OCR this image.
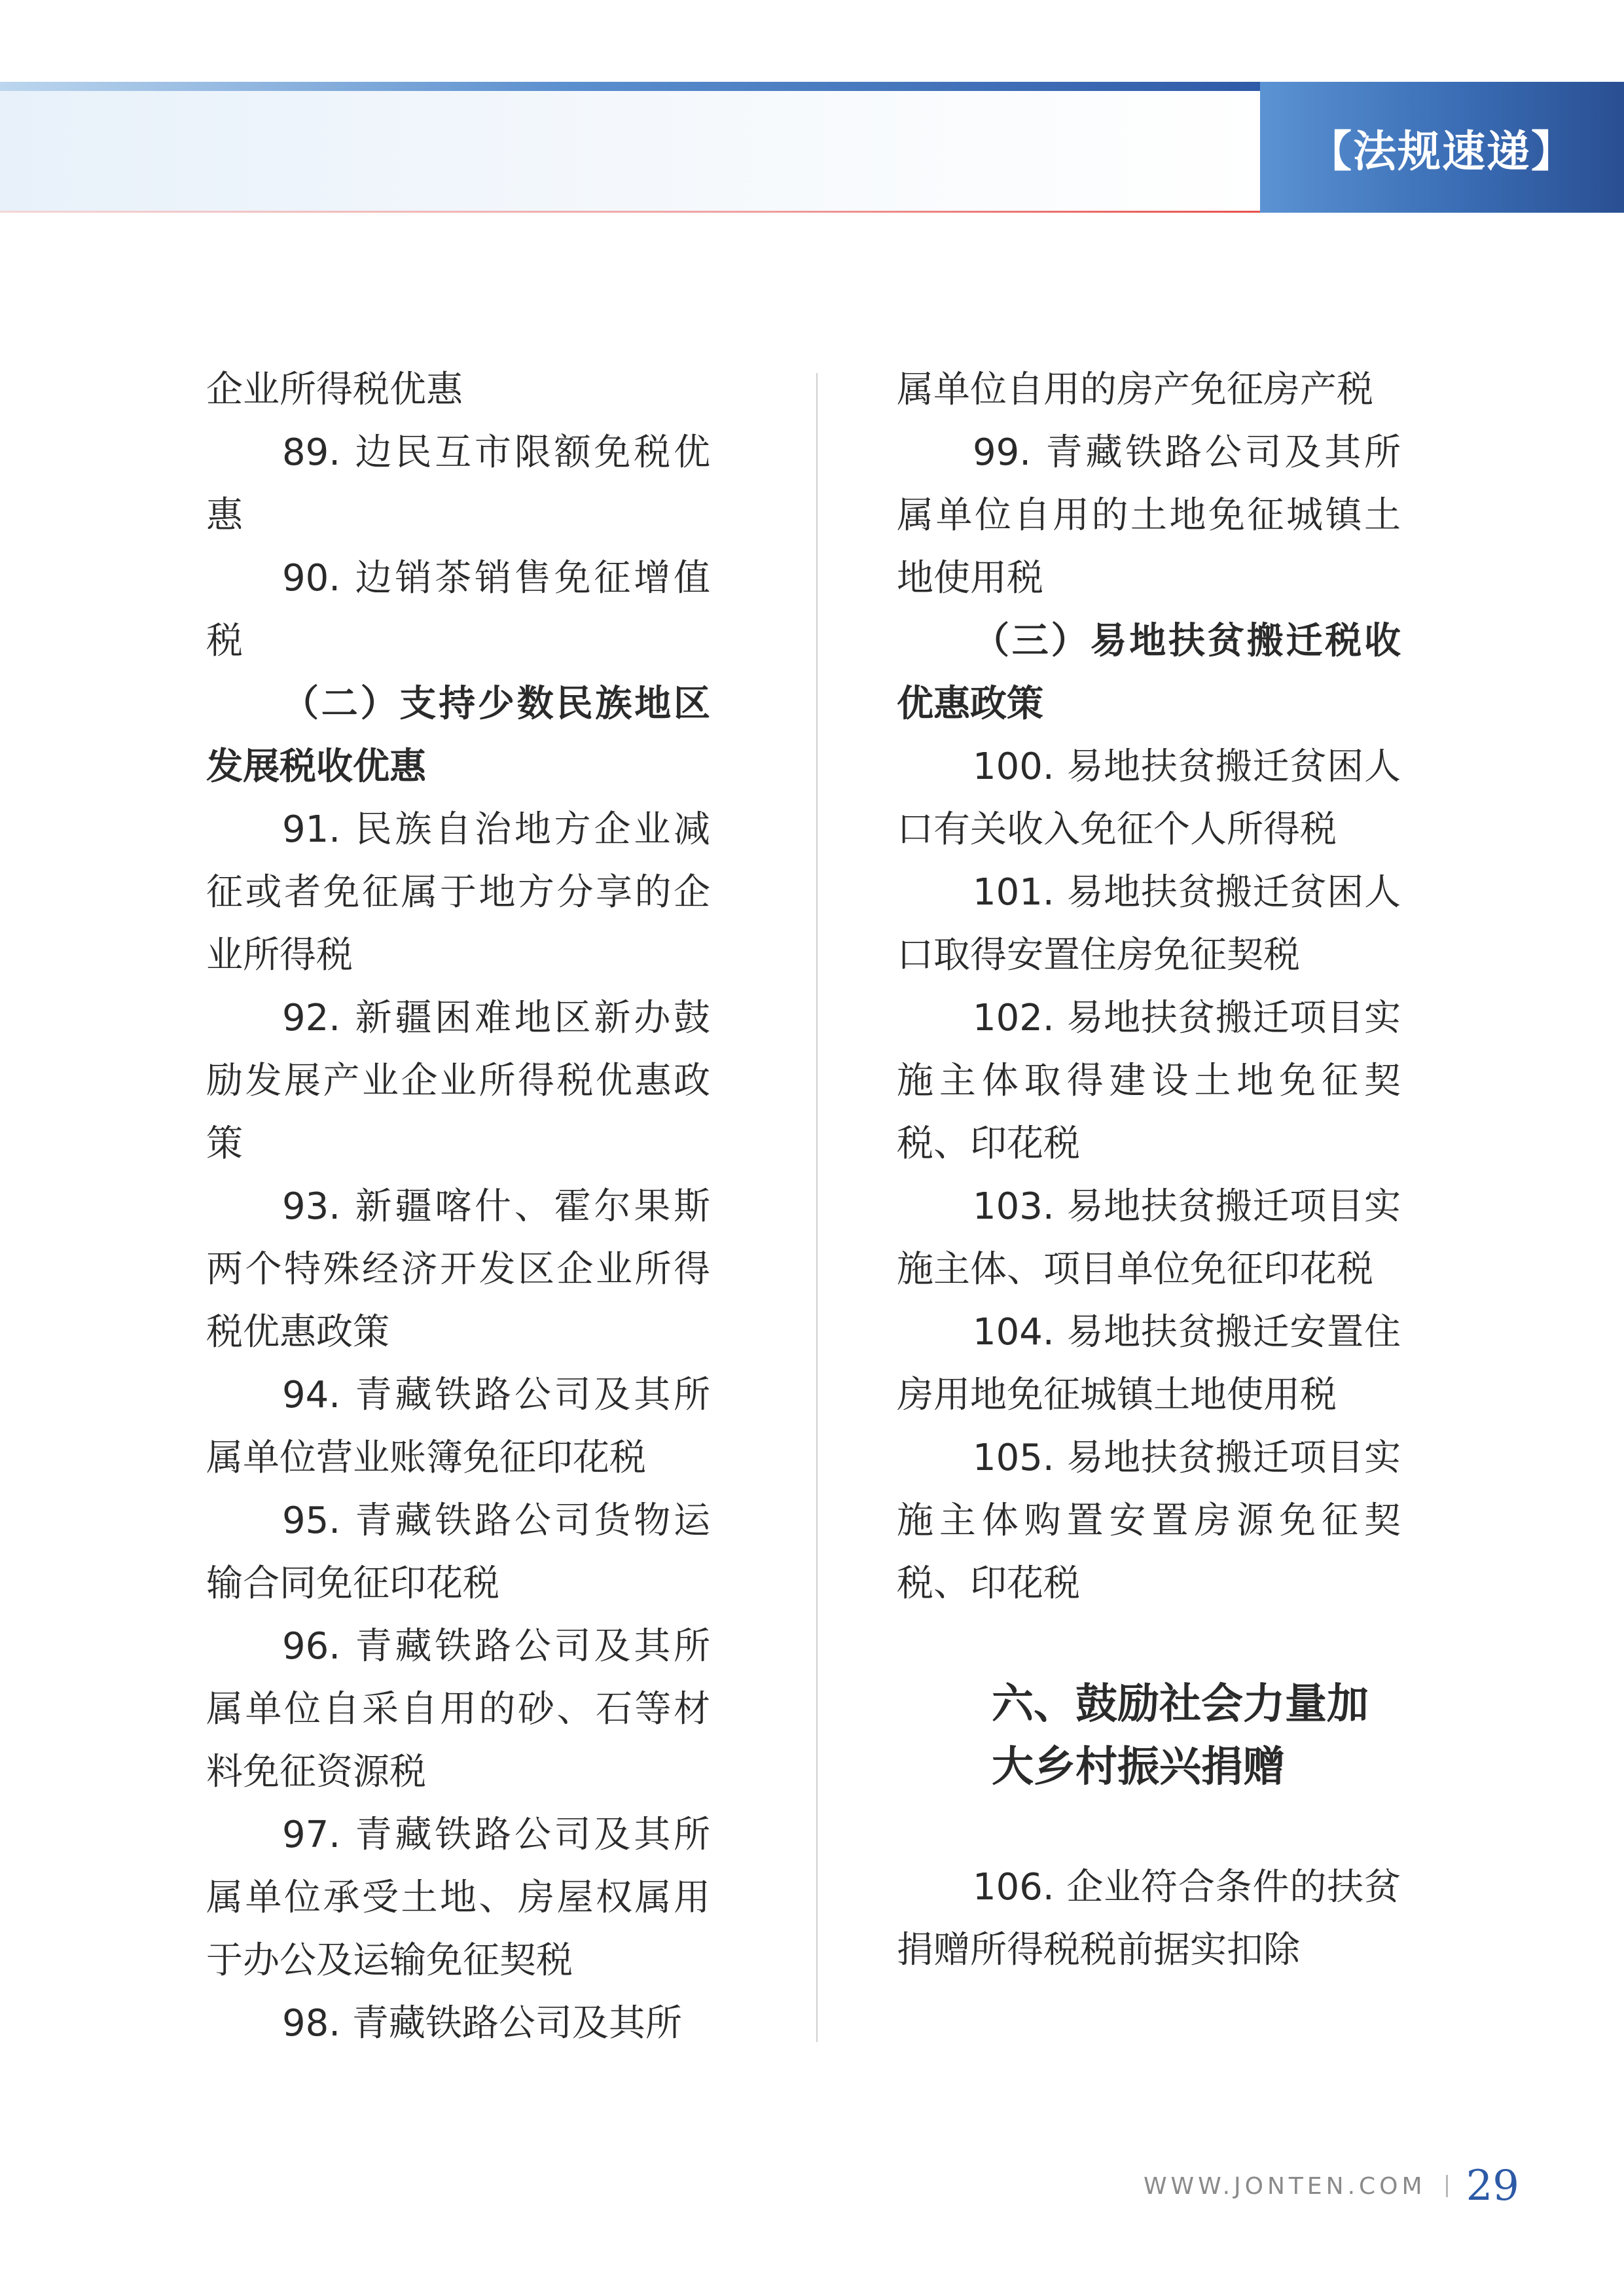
【法规速递】

企业所得税优惠

89. 边民互市限额免税优惠

90. 边销茶销售免征增值税

（二）支持少数民族地区发展税收优惠

91. 民族自治地方企业减征或者免征属于地方分享的企业所得税

92. 新疆困难地区新办鼓励发展产业企业所得税优惠政策

93. 新疆喀什、霍尔果斯两个特殊经济开发区企业所得税优惠政策

94. 青藏铁路公司及其所属单位营业账簿免征印花税

95. 青藏铁路公司货物运输合同免征印花税

96. 青藏铁路公司及其所属单位自采自用的砂、石等材料免征资源税

97. 青藏铁路公司及其所属单位承受土地、房屋权属用于办公及运输免征契税

98. 青藏铁路公司及其所

属单位自用的房产免征房产税

99. 青藏铁路公司及其所属单位自用的土地免征城镇土地使用税

（三）易地扶贫搬迁税收优惠政策

100. 易地扶贫搬迁贫困人口有关收入免征个人所得税

101. 易地扶贫搬迁贫困人口取得安置住房免征契税

102. 易地扶贫搬迁项目实施主体取得建设土地免征契税、印花税

103. 易地扶贫搬迁项目实施主体、项目单位免征印花税

104. 易地扶贫搬迁安置住房用地免征城镇土地使用税

105. 易地扶贫搬迁项目实施主体购置安置房源免征契税、印花税

六、鼓励社会力量加大乡村振兴捐赠

106. 企业符合条件的扶贫捐赠所得税税前据实扣除

WWW.JONTEN.COM 29
